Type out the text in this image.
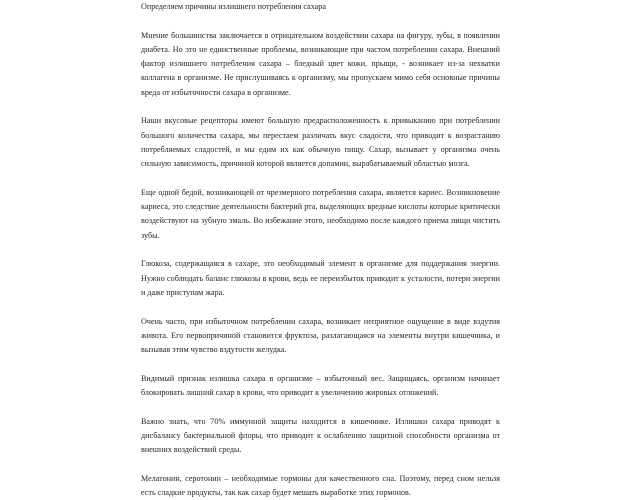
Определяем причины излишнего потребления сахара

Мнение большинства заключается в отрицательном воздействии сахара на фигуру, зубы, в появлении диабета. Но это не единственные проблемы, возникающие при частом потреблении сахара. Внешний фактор излишнего потребления сахара – бледный цвет кожи, прыщи, - возникает из-за нехватки коллагена в организме. Не прислушиваясь к организму, мы пропускаем мимо себя основные причины вреда от избыточности сахара в организме.

Наши вкусовые рецепторы имеют большую предрасположенность к привыканию при потреблении большого количества сахара, мы перестаем различать вкус сладости, что приводит к возрастанию потребляемых сладостей, и мы едим их как обычную пищу. Сахар, вызывает у организма очень сильную зависимость, причиной которой является допамин, вырабатываемый областью мозга.

Еще одной бедой, возникающей от чрезмерного потребления сахара, является кариес. Возникновение кариеса, это следствие деятельности бактерий рта, выделяющих вредные кислоты которые критически воздействуют на зубную эмаль. Во избежание этого, необходимо после каждого приема пищи чистить зубы.

Глюкоза, содержащаяся в сахаре, это необходимый элемент в организме для поддержания энергии. Нужно соблюдать баланс глюкозы в крови, ведь ее переизбыток приводит к усталости, потери энергии и даже приступам жара.

Очень часто, при избыточном потреблении сахара, возникает неприятное ощущение в виде вздутия живота. Его первопричиной становится фруктоза, разлагающаяся на элементы внутри кишечника, и вызывая этим чувство вздутости желудка.

Видимый признак излишка сахара в организме – избыточный вес. Защищаясь, организм начинает блокировать лишний сахар в крови, что приводит к увеличению жировых отложений.

Важно знать, что 70% иммунной защиты находится в кишечнике. Излишки сахара приводят к дисбалансу бактериальной флоры, что приводит к ослаблению защитной способности организма от внешних воздействий среды.

Мелатонин, серотонин – необходимые гормоны для качественного сна. Поэтому, перед сном нельзя есть сладкие продукты, так как сахар будет мешать выработке этих гормонов.
